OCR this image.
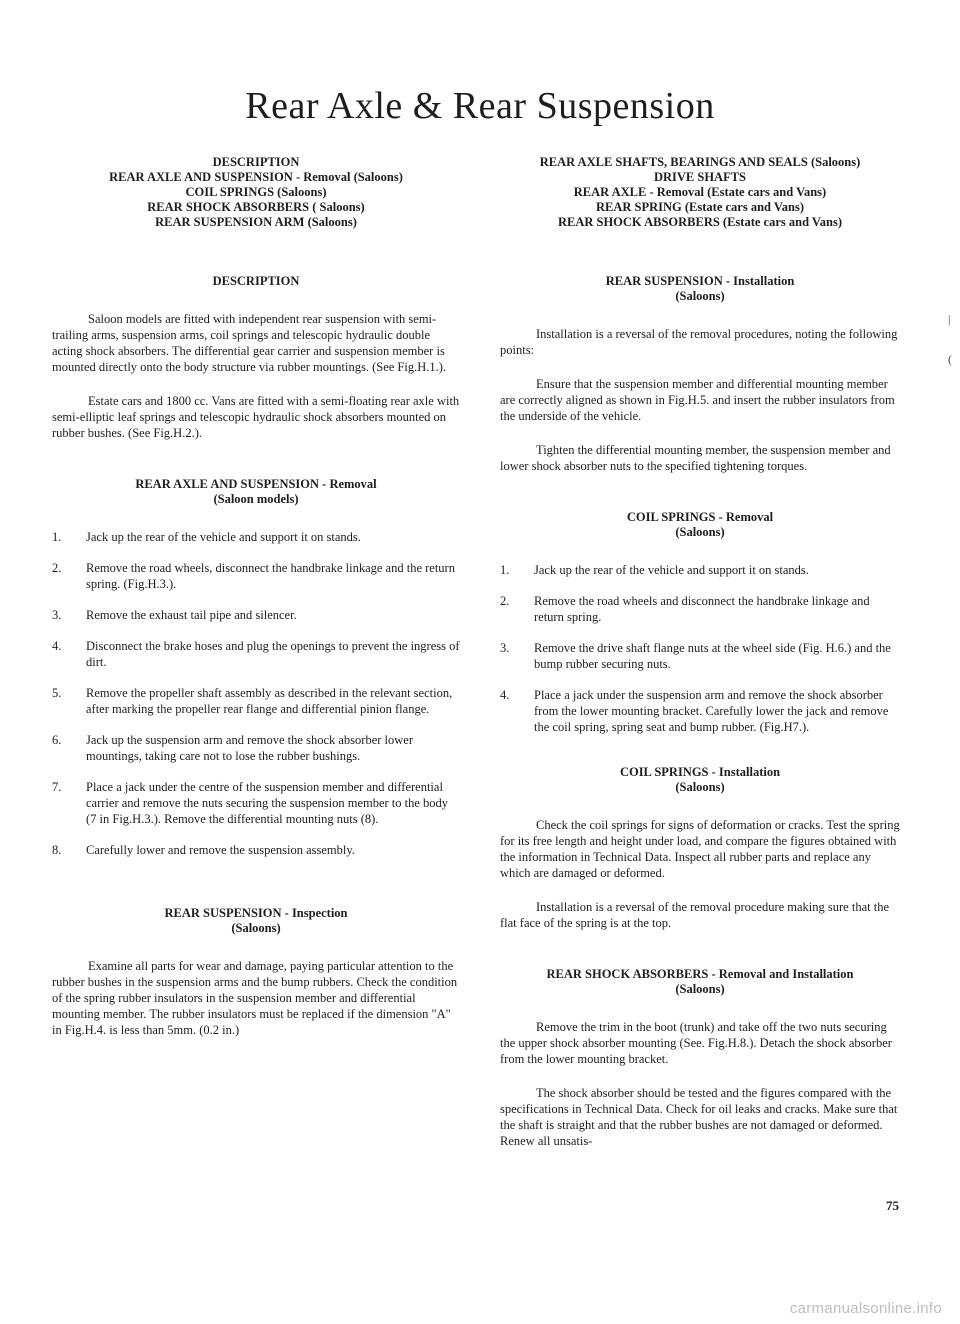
Rear Axle & Rear Suspension
DESCRIPTION
REAR AXLE AND SUSPENSION - Removal (Saloons)
COIL SPRINGS (Saloons)
REAR SHOCK ABSORBERS ( Saloons)
REAR SUSPENSION ARM (Saloons)
DESCRIPTION

Saloon models are fitted with independent rear suspension with semi-trailing arms, suspension arms, coil springs and telescopic hydraulic double acting shock absorbers. The differential gear carrier and suspension member is mounted directly onto the body structure via rubber mountings. (See Fig.H.1.).

Estate cars and 1800 cc. Vans are fitted with a semi-floating rear axle with semi-elliptic leaf springs and telescopic hydraulic shock absorbers mounted on rubber bushes. (See Fig.H.2.).

REAR AXLE AND SUSPENSION - Removal
(Saloon models)
1.	Jack up the rear of the vehicle and support it on stands.
2.	Remove the road wheels, disconnect the handbrake linkage and the return spring. (Fig.H.3.).
3.	Remove the exhaust tail pipe and silencer.
4.	Disconnect the brake hoses and plug the openings to prevent the ingress of dirt.
5.	Remove the propeller shaft assembly as described in the relevant section, after marking the propeller rear flange and differential pinion flange.
6.	Jack up the suspension arm and remove the shock absorber lower mountings, taking care not to lose the rubber bushings.
7.	Place a jack under the centre of the suspension member and differential carrier and remove the nuts securing the suspension member to the body (7 in Fig.H.3.). Remove the differential mounting nuts (8).
8.	Carefully lower and remove the suspension assembly.
REAR SUSPENSION - Inspection
(Saloons)

Examine all parts for wear and damage, paying particular attention to the rubber bushes in the suspension arms and the bump rubbers. Check the condition of the spring rubber insulators in the suspension member and differential mounting member. The rubber insulators must be replaced if the dimension "A" in Fig.H.4. is less than 5mm. (0.2 in.)

REAR AXLE SHAFTS, BEARINGS AND SEALS (Saloons)
DRIVE SHAFTS
REAR AXLE - Removal (Estate cars and Vans)
REAR SPRING (Estate cars and Vans)
REAR SHOCK ABSORBERS (Estate cars and Vans)
REAR SUSPENSION - Installation
(Saloons)

Installation is a reversal of the removal procedures, noting the following points:

Ensure that the suspension member and differential mounting member are correctly aligned as shown in Fig.H.5. and insert the rubber insulators from the underside of the vehicle.

Tighten the differential mounting member, the suspension member and lower shock absorber nuts to the specified tightening torques.

COIL SPRINGS - Removal
(Saloons)
1.	Jack up the rear of the vehicle and support it on stands.
2.	Remove the road wheels and disconnect the handbrake linkage and return spring.
3.	Remove the drive shaft flange nuts at the wheel side (Fig. H.6.) and the bump rubber securing nuts.
4.	Place a jack under the suspension arm and remove the shock absorber from the lower mounting bracket. Carefully lower the jack and remove the coil spring, spring seat and bump rubber. (Fig.H7.).
COIL SPRINGS - Installation
(Saloons)

Check the coil springs for signs of deformation or cracks. Test the spring for its free length and height under load, and compare the figures obtained with the information in Technical Data. Inspect all rubber parts and replace any which are damaged or deformed.

Installation is a reversal of the removal procedure making sure that the flat face of the spring is at the top.

REAR SHOCK ABSORBERS - Removal and Installation
(Saloons)

Remove the trim in the boot (trunk) and take off the two nuts securing the upper shock absorber mounting (See. Fig.H.8.). Detach the shock absorber from the lower mounting bracket.

The shock absorber should be tested and the figures compared with the specifications in Technical Data. Check for oil leaks and cracks. Make sure that the shaft is straight and that the rubber bushes are not damaged or deformed. Renew all unsatis-

|
(
75
carmanualsonline.info
